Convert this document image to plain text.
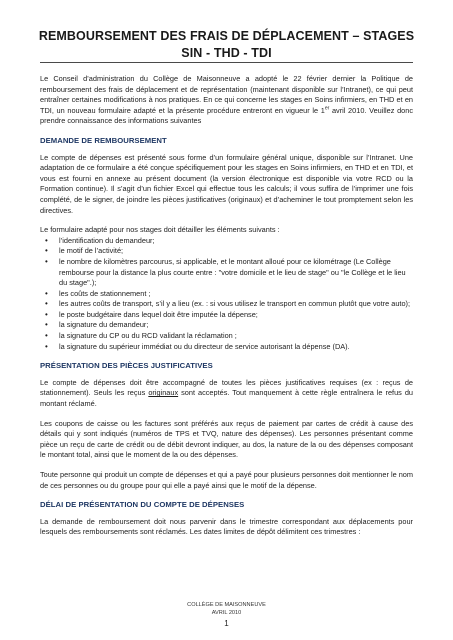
REMBOURSEMENT DES FRAIS DE DÉPLACEMENT – STAGES
SIN - THD - TDI

Le Conseil d’administration du Collège de Maisonneuve a adopté le 22 février dernier la Politique de remboursement des frais de déplacement et de représentation (maintenant disponible sur l’Intranet), ce qui peut entraîner certaines modifications à nos pratiques. En ce qui concerne les stages en Soins infirmiers, en THD et en TDI, un nouveau formulaire adapté et la présente procédure entreront en vigueur le 1er avril 2010. Veuillez donc prendre connaissance des informations suivantes

DEMANDE DE REMBOURSEMENT

Le compte de dépenses est présenté sous forme d’un formulaire général unique, disponible sur l’Intranet. Une adaptation de ce formulaire a été conçue spécifiquement pour les stages en Soins infirmiers, en THD et en TDI, et vous est fourni en annexe au présent document (la version électronique est disponible via votre RCD ou la Formation continue). Il s’agit d’un fichier Excel qui effectue tous les calculs; il vous suffira de l’imprimer une fois complété, de le signer, de joindre les pièces justificatives (originaux) et d’acheminer le tout promptement selon les directives.

Le formulaire adapté pour nos stages doit détailler les éléments suivants :

• l’identification du demandeur;
• le motif de l’activité;
• le nombre de kilomètres parcourus, si applicable, et le montant alloué pour ce kilométrage (Le Collège rembourse pour la distance la plus courte entre : "votre domicile et le lieu de stage" ou "le Collège et le lieu du stage".);
• les coûts de stationnement ;
• les autres coûts de transport, s’il y a lieu (ex. : si vous utilisez le transport en commun plutôt que votre auto);
• le poste budgétaire dans lequel doit être imputée la dépense;
• la signature du demandeur;
• la signature du CP ou du RCD validant la réclamation ;
• la signature du supérieur immédiat ou du directeur de service autorisant la dépense (DA).
PRÉSENTATION DES PIÈCES JUSTIFICATIVES

Le compte de dépenses doit être accompagné de toutes les pièces justificatives requises (ex : reçus de stationnement). Seuls les reçus originaux sont acceptés. Tout manquement à cette règle entraînera le refus du montant réclamé.

Les coupons de caisse ou les factures sont préférés aux reçus de paiement par cartes de crédit à cause des détails qui y sont indiqués (numéros de TPS et TVQ, nature des dépenses). Les personnes présentant comme pièce un reçu de carte de crédit ou de débit devront indiquer, au dos, la nature de la ou des dépenses composant le montant total, ainsi que le moment de la ou des dépenses.

Toute personne qui produit un compte de dépenses et qui a payé pour plusieurs personnes doit mentionner le nom de ces personnes ou du groupe pour qui elle a payé ainsi que le motif de la dépense.

DÉLAI DE PRÉSENTATION DU COMPTE DE DÉPENSES

La demande de remboursement doit nous parvenir dans le trimestre correspondant aux déplacements pour lesquels des remboursements sont réclamés. Les dates limites de dépôt délimitent ces trimestres :

COLLÈGE DE MAISONNEUVE
AVRIL 2010
1
